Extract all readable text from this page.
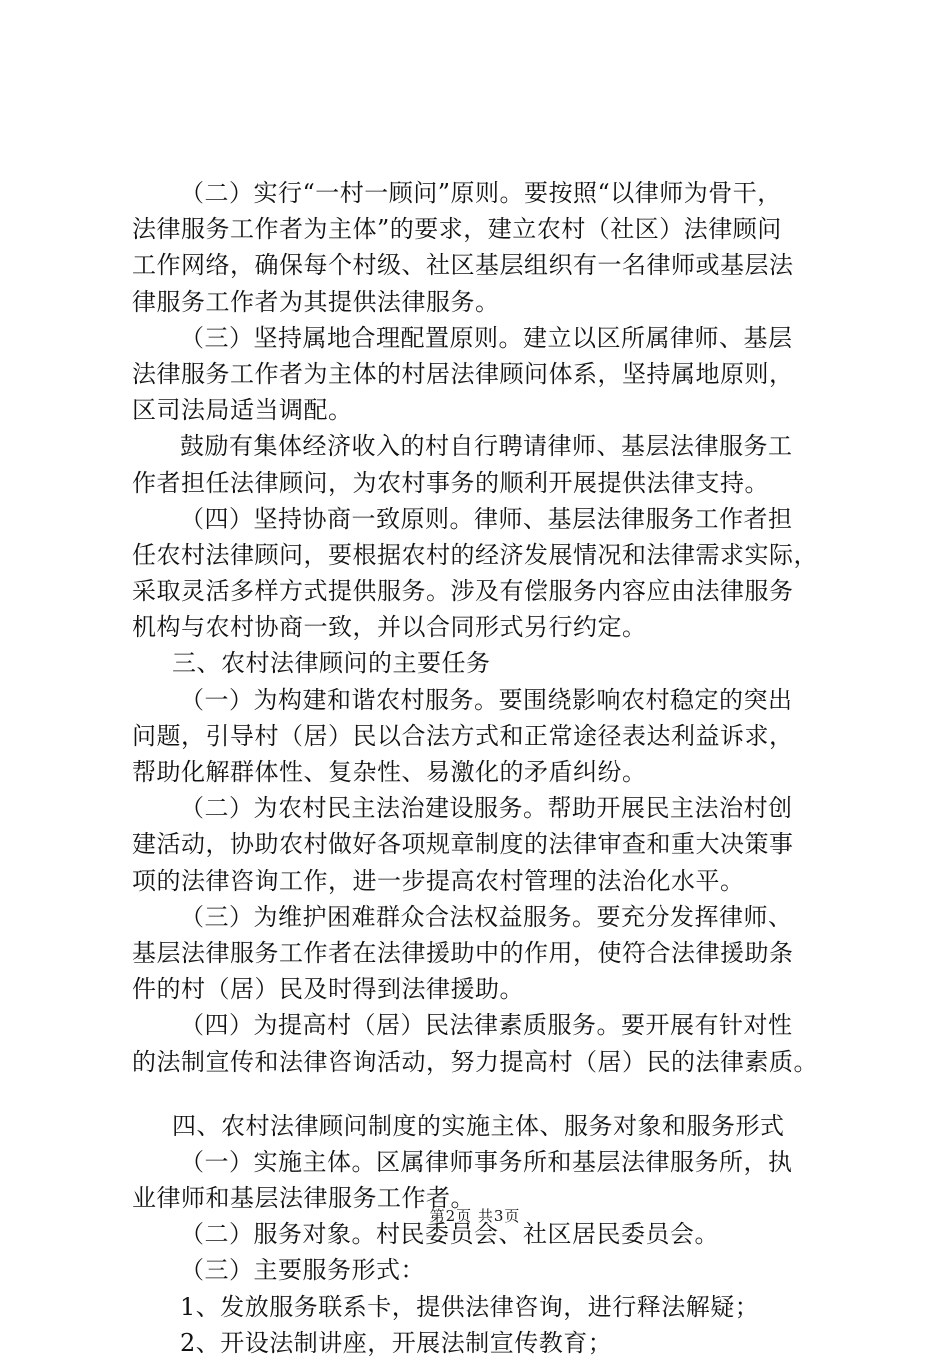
（二）实行“一村一顾问”原则。要按照“以律师为骨干，
法律服务工作者为主体”的要求，建立农村（社区）法律顾问
工作网络，确保每个村级、社区基层组织有一名律师或基层法
律服务工作者为其提供法律服务。
（三）坚持属地合理配置原则。建立以区所属律师、基层
法律服务工作者为主体的村居法律顾问体系，坚持属地原则，
区司法局适当调配。
鼓励有集体经济收入的村自行聘请律师、基层法律服务工
作者担任法律顾问，为农村事务的顺利开展提供法律支持。
（四）坚持协商一致原则。律师、基层法律服务工作者担
任农村法律顾问，要根据农村的经济发展情况和法律需求实际，
采取灵活多样方式提供服务。涉及有偿服务内容应由法律服务
机构与农村协商一致，并以合同形式另行约定。
三、农村法律顾问的主要任务
（一）为构建和谐农村服务。要围绕影响农村稳定的突出
问题，引导村（居）民以合法方式和正常途径表达利益诉求，
帮助化解群体性、复杂性、易激化的矛盾纠纷。
（二）为农村民主法治建设服务。帮助开展民主法治村创
建活动，协助农村做好各项规章制度的法律审查和重大决策事
项的法律咨询工作，进一步提高农村管理的法治化水平。
（三）为维护困难群众合法权益服务。要充分发挥律师、
基层法律服务工作者在法律援助中的作用，使符合法律援助条
件的村（居）民及时得到法律援助。
（四）为提高村（居）民法律素质服务。要开展有针对性
的法制宣传和法律咨询活动，努力提高村（居）民的法律素质。
四、农村法律顾问制度的实施主体、服务对象和服务形式
（一）实施主体。区属律师事务所和基层法律服务所，执
业律师和基层法律服务工作者。
（二）服务对象。村民委员会、社区居民委员会。
（三）主要服务形式：
1、发放服务联系卡，提供法律咨询，进行释法解疑；
2、开设法制讲座，开展法制宣传教育；
第2页 共3页
